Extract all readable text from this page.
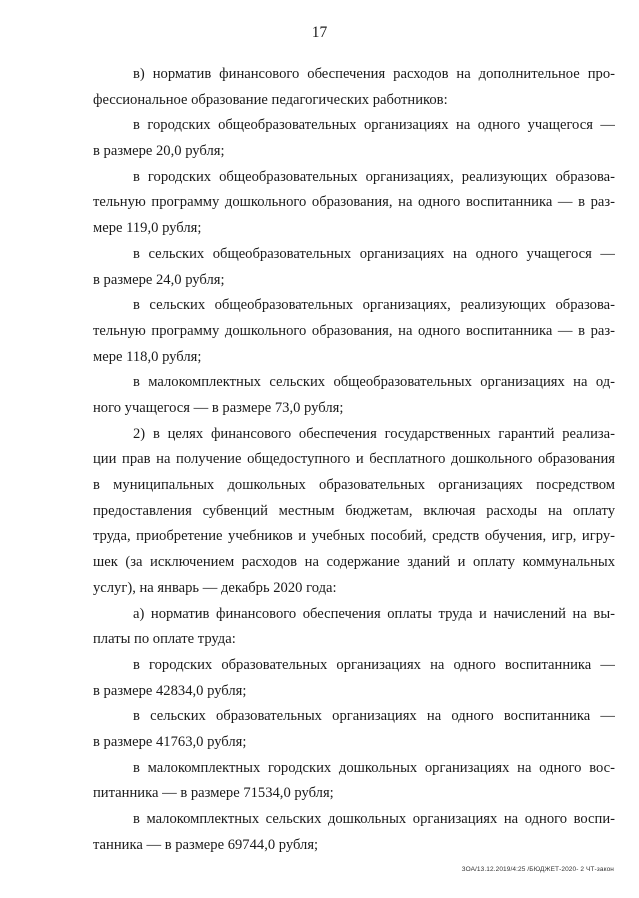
17
в) норматив финансового обеспечения расходов на дополнительное про-
фессиональное образование педагогических работников:
в городских общеобразовательных организациях на одного учащегося —
в размере 20,0 рубля;
в городских общеобразовательных организациях, реализующих образова-
тельную программу дошкольного образования, на одного воспитанника — в раз-
мере 119,0 рубля;
в сельских общеобразовательных организациях на одного учащегося —
в размере 24,0 рубля;
в сельских общеобразовательных организациях, реализующих образова-
тельную программу дошкольного образования, на одного воспитанника — в раз-
мере 118,0 рубля;
в малокомплектных сельских общеобразовательных организациях на од-
ного учащегося — в размере 73,0 рубля;
2) в целях финансового обеспечения государственных гарантий реализа-
ции прав на получение общедоступного и бесплатного дошкольного образования
в муниципальных дошкольных образовательных организациях посредством
предоставления субвенций местным бюджетам, включая расходы на оплату
труда, приобретение учебников и учебных пособий, средств обучения, игр, игру-
шек (за исключением расходов на содержание зданий и оплату коммунальных
услуг), на январь — декабрь 2020 года:
а) норматив финансового обеспечения оплаты труда и начислений на вы-
платы по оплате труда:
в городских образовательных организациях на одного воспитанника —
в размере 42834,0 рубля;
в сельских образовательных организациях на одного воспитанника —
в размере 41763,0 рубля;
в малокомплектных городских дошкольных организациях на одного вос-
питанника — в размере 71534,0 рубля;
в малокомплектных сельских дошкольных организациях на одного воспи-
танника — в размере 69744,0 рубля;
ЗОА/13.12.2019/4:25 /БЮДЖЕТ-2020- 2 ЧТ-закон
